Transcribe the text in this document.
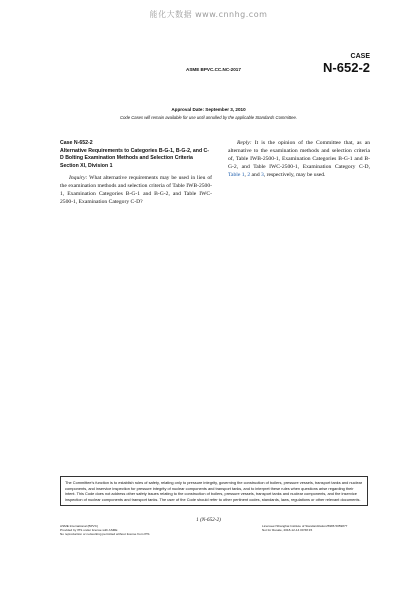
能化大数据 www.cnnhg.com
ASME BPVC.CC.NC-2017
CASE
N-652-2
Approval Date: September 3, 2010
Code Cases will remain available for use until annulled by the applicable Standards Committee.
Case N-652-2
Alternative Requirements to Categories B-G-1, B-G-2, and C-D Bolting Examination Methods and Selection Criteria
Section XI, Division 1

Inquiry: What alternative requirements may be used in lieu of the examination methods and selection criteria of Table IWB-2500-1, Examination Categories B-G-1 and B-G-2, and Table IWC-2500-1, Examination Category C-D?

Reply: It is the opinion of the Committee that, as an alternative to the examination methods and selection criteria of, Table IWB-2500-1, Examination Categories B-G-1 and B-G-2, and Table IWC-2500-1, Examination Category C-D, Table 1, 2 and 3, respectively, may be used.

The Committee's function is to establish rules of safety, relating only to pressure integrity, governing the construction of boilers, pressure vessels, transport tanks and nuclear components, and inservice inspection for pressure integrity of nuclear components and transport tanks, and to interpret these rules when questions arise regarding their intent. This Code does not address other safety issues relating to the construction of boilers, pressure vessels, transport tanks and nuclear components, and the inservice inspection of nuclear components and transport tanks. The user of the Code should refer to other pertinent codes, standards, laws, regulations or other relevant documents.
1 (N-652-2)
ASME International (BPVC)
Provided by IHS under license with ASME
No reproduction or networking permitted without license from IHS
Licensee=Shanghai Institute of Standardization/5986 5059877
Not for Resale, 2018-12-14 00:58:15
